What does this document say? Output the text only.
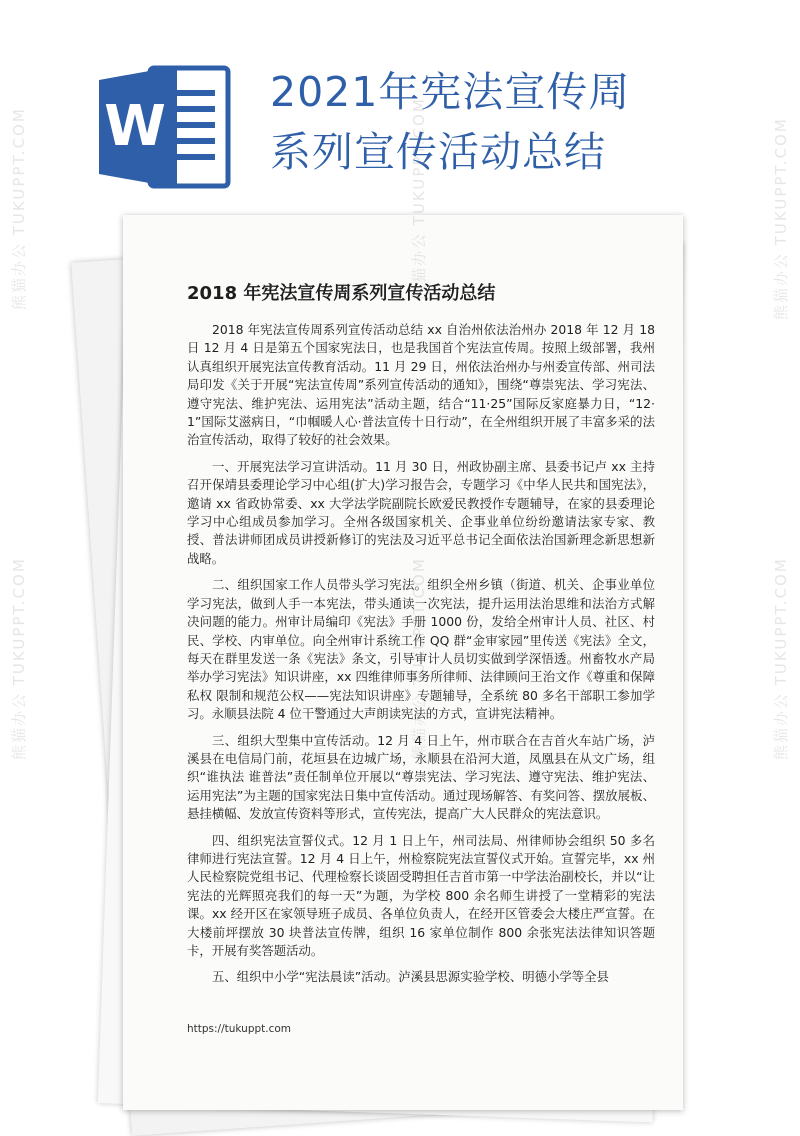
W
2021年宪法宣传周
系列宣传活动总结
2018 年宪法宣传周系列宣传活动总结

2018 年宪法宣传周系列宣传活动总结 xx 自治州依法治州办 2018 年 12 月 18 日 12 月 4 日是第五个国家宪法日，也是我国首个宪法宣传周。按照上级部署，我州认真组织开展宪法宣传教育活动。11 月 29 日，州依法治州办与州委宣传部、州司法局印发《关于开展“宪法宣传周”系列宣传活动的通知》，围绕“尊崇宪法、学习宪法、遵守宪法、维护宪法、运用宪法”活动主题，结合“11·25”国际反家庭暴力日，“12·1”国际艾滋病日，“巾帼暖人心·普法宣传十日行动”，在全州组织开展了丰富多采的法治宣传活动，取得了较好的社会效果。

一、开展宪法学习宣讲活动。11 月 30 日，州政协副主席、县委书记卢 xx 主持召开保靖县委理论学习中心组(扩大)学习报告会，专题学习《中华人民共和国宪法》，邀请 xx 省政协常委、xx 大学法学院副院长欧爱民教授作专题辅导，在家的县委理论学习中心组成员参加学习。全州各级国家机关、企事业单位纷纷邀请法家专家、教授、普法讲师团成员讲授新修订的宪法及习近平总书记全面依法治国新理念新思想新战略。

二、组织国家工作人员带头学习宪法。组织全州乡镇（街道、机关、企事业单位学习宪法，做到人手一本宪法，带头通读一次宪法，提升运用法治思维和法治方式解决问题的能力。州审计局编印《宪法》手册 1000 份，发给全州审计人员、社区、村民、学校、内审单位。向全州审计系统工作 QQ 群“金审家园”里传送《宪法》全文，每天在群里发送一条《宪法》条文，引导审计人员切实做到学深悟透。州畜牧水产局举办学习宪法》知识讲座，xx 四维律师事务所律师、法律顾问王治文作《尊重和保障私权 限制和规范公权——宪法知识讲座》专题辅导，全系统 80 多名干部职工参加学习。永顺县法院 4 位干警通过大声朗读宪法的方式，宣讲宪法精神。

三、组织大型集中宣传活动。12 月 4 日上午，州市联合在吉首火车站广场，泸溪县在电信局门前，花垣县在边城广场，永顺县在沿河大道，凤凰县在从文广场，组织“谁执法 谁普法”责任制单位开展以“尊崇宪法、学习宪法、遵守宪法、维护宪法、运用宪法”为主题的国家宪法日集中宣传活动。通过现场解答、有奖问答、摆放展板、悬挂横幅、发放宣传资料等形式，宣传宪法，提高广大人民群众的宪法意识。

四、组织宪法宣誓仪式。12 月 1 日上午，州司法局、州律师协会组织 50 多名律师进行宪法宣誓。12 月 4 日上午，州检察院宪法宣誓仪式开始。宣誓完毕，xx 州人民检察院党组书记、代理检察长谈固受聘担任吉首市第一中学法治副校长，并以“让宪法的光辉照亮我们的每一天”为题，为学校 800 余名师生讲授了一堂精彩的宪法课。xx 经开区在家领导班子成员、各单位负责人，在经开区管委会大楼庄严宣誓。在大楼前坪摆放 30 块普法宣传牌，组织 16 家单位制作 800 余张宪法法律知识答题卡，开展有奖答题活动。

五、组织中小学“宪法晨读”活动。泸溪县思源实验学校、明德小学等全县

https://tukuppt.com
熊猫办公 TUKUPPT.COM
熊猫办公 TUKUPPT.COM
熊猫办公 TUKUPPT.COM
熊猫办公 TUKUPPT.COM
熊猫办公 TUKUPPT.COM
熊猫办公 TUKUPPT.COM
